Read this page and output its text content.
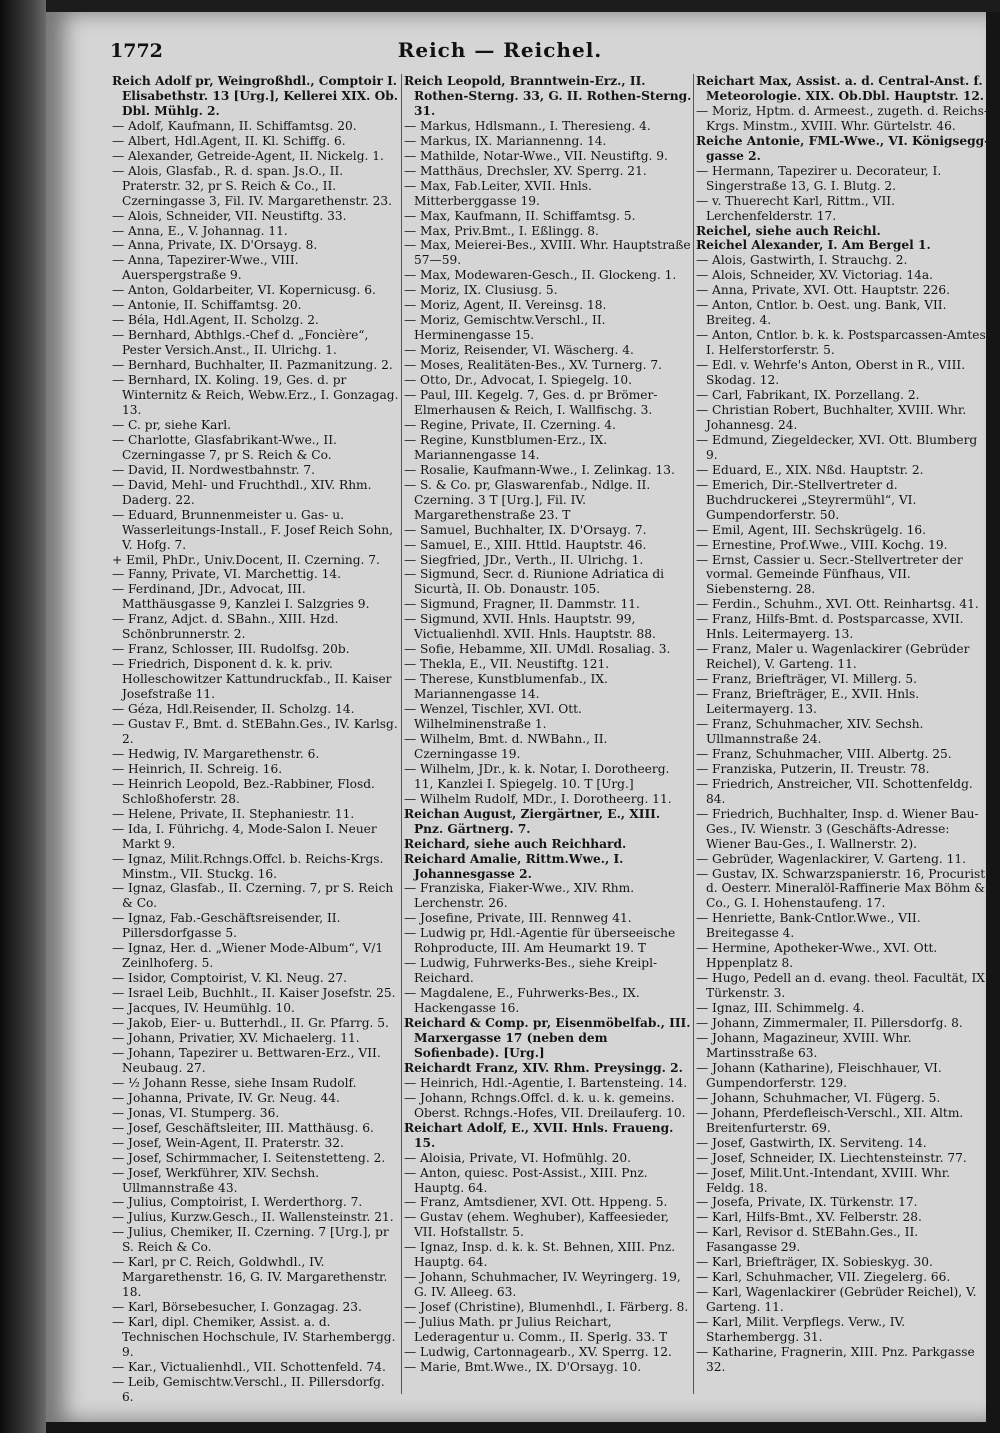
1772	Reich — Reichel.
Reich Adolf pr, Weingroßhdl., Comptoir I. Elisabethstr. 13 [Urg.], Kellerei XIX. Ob. Dbl. Mühlg. 2.
— Adolf, Kaufmann, II. Schiffamtsg. 20.
— Albert, Hdl.Agent, II. Kl. Schiffg. 6.
— Alexander, Getreide-Agent, II. Nickelg. 1.
— Alois, Glasfab., R. d. span. Js.O., II. Praterstr. 32, pr S. Reich & Co., II. Czerningasse 3, Fil. IV. Margarethenstr. 23.
— Alois, Schneider, VII. Neustiftg. 33.
— Anna, E., V. Johannag. 11.
— Anna, Private, IX. D'Orsayg. 8.
— Anna, Tapezirer-Wwe., VIII. Auerspergstraße 9.
— Anton, Goldarbeiter, VI. Kopernicusg. 6.
— Antonie, II. Schiffamtsg. 20.
— Béla, Hdl.Agent, II. Scholzg. 2.
— Bernhard, Abthlgs.-Chef d. „Foncière“, Pester Versich.Anst., II. Ulrichg. 1.
— Bernhard, Buchhalter, II. Pazmanitzung. 2.
— Bernhard, IX. Koling. 19, Ges. d. pr Winternitz & Reich, Webw.Erz., I. Gonzagag. 13.
— C. pr, siehe Karl.
— Charlotte, Glasfabrikant-Wwe., II. Czerningasse 7, pr S. Reich & Co.
— David, II. Nordwestbahnstr. 7.
— David, Mehl- und Fruchthdl., XIV. Rhm. Daderg. 22.
— Eduard, Brunnenmeister u. Gas- u. Wasserleitungs-Install., F. Josef Reich Sohn, V. Hofg. 7.
+ Emil, PhDr., Univ.Docent, II. Czerning. 7.
— Fanny, Private, VI. Marchettig. 14.
— Ferdinand, JDr., Advocat, III. Matthäusgasse 9, Kanzlei I. Salzgries 9.
— Franz, Adjct. d. SBahn., XIII. Hzd. Schönbrunnerstr. 2.
— Franz, Schlosser, III. Rudolfsg. 20b.
— Friedrich, Disponent d. k. k. priv. Holleschowitzer Kattundruckfab., II. Kaiser Josefstraße 11.
— Géza, Hdl.Reisender, II. Scholzg. 14.
— Gustav F., Bmt. d. StEBahn.Ges., IV. Karlsg. 2.
— Hedwig, IV. Margarethenstr. 6.
— Heinrich, II. Schreig. 16.
— Heinrich Leopold, Bez.-Rabbiner, Flosd. Schloßhoferstr. 28.
— Helene, Private, II. Stephaniestr. 11.
— Ida, I. Führichg. 4, Mode-Salon I. Neuer Markt 9.
— Ignaz, Milit.Rchngs.Offcl. b. Reichs-Krgs. Minstm., VII. Stuckg. 16.
— Ignaz, Glasfab., II. Czerning. 7, pr S. Reich & Co.
— Ignaz, Fab.-Geschäftsreisender, II. Pillersdorfgasse 5.
— Ignaz, Her. d. „Wiener Mode-Album“, V/1 Zeinlhoferg. 5.
— Isidor, Comptoirist, V. Kl. Neug. 27.
— Israel Leib, Buchhlt., II. Kaiser Josefstr. 25.
— Jacques, IV. Heumühlg. 10.
— Jakob, Eier- u. Butterhdl., II. Gr. Pfarrg. 5.
— Johann, Privatier, XV. Michaelerg. 11.
— Johann, Tapezirer u. Bettwaren-Erz., VII. Neubaug. 27.
— ½ Johann Resse, siehe Insam Rudolf.
— Johanna, Private, IV. Gr. Neug. 44.
— Jonas, VI. Stumperg. 36.
— Josef, Geschäftsleiter, III. Matthäusg. 6.
— Josef, Wein-Agent, II. Praterstr. 32.
— Josef, Schirmmacher, I. Seitenstetteng. 2.
— Josef, Werkführer, XIV. Sechsh. Ullmannstraße 43.
— Julius, Comptoirist, I. Werderthorg. 7.
— Julius, Kurzw.Gesch., II. Wallensteinstr. 21.
— Julius, Chemiker, II. Czerning. 7 [Urg.], pr S. Reich & Co.
— Karl, pr C. Reich, Goldwhdl., IV. Margarethenstr. 16, G. IV. Margarethenstr. 18.
— Karl, Börsebesucher, I. Gonzagag. 23.
— Karl, dipl. Chemiker, Assist. a. d. Technischen Hochschule, IV. Starhembergg. 9.
— Kar., Victualienhdl., VII. Schottenfeld. 74.
— Leib, Gemischtw.Verschl., II. Pillersdorfg. 6.
Reich Leopold, Branntwein-Erz., II. Rothen-Sterng. 33, G. II. Rothen-Sterng. 31.
— Markus, Hdlsmann., I. Theresieng. 4.
— Markus, IX. Mariannenng. 14.
— Mathilde, Notar-Wwe., VII. Neustiftg. 9.
— Matthäus, Drechsler, XV. Sperrg. 21.
— Max, Fab.Leiter, XVII. Hnls. Mitterberggasse 19.
— Max, Kaufmann, II. Schiffamtsg. 5.
— Max, Priv.Bmt., I. Eßlingg. 8.
— Max, Meierei-Bes., XVIII. Whr. Hauptstraße 57—59.
— Max, Modewaren-Gesch., II. Glockeng. 1.
— Moriz, IX. Clusiusg. 5.
— Moriz, Agent, II. Vereinsg. 18.
— Moriz, Gemischtw.Verschl., II. Herminengasse 15.
— Moriz, Reisender, VI. Wäscherg. 4.
— Moses, Realitäten-Bes., XV. Turnerg. 7.
— Otto, Dr., Advocat, I. Spiegelg. 10.
— Paul, III. Kegelg. 7, Ges. d. pr BrömerElmerhausen & Reich, I. Wallfischg. 3.
— Regine, Private, II. Czerning. 4.
— Regine, Kunstblumen-Erz., IX. Mariannengasse 14.
— Rosalie, Kaufmann-Wwe., I. Zelinkag. 13.
— S. & Co. pr, Glaswarenfab., Ndlge. II. Czerning. 3 T [Urg.], Fil. IV. Margarethenstraße 23. T
— Samuel, Buchhalter, IX. D'Orsayg. 7.
— Samuel, E., XIII. Httld. Hauptstr. 46.
— Siegfried, JDr., Verth., II. Ulrichg. 1.
— Sigmund, Secr. d. Riunione Adriatica di Sicurtà, II. Ob. Donaustr. 105.
— Sigmund, Fragner, II. Dammstr. 11.
— Sigmund, XVII. Hnls. Hauptstr. 99, Victualienhdl. XVII. Hnls. Hauptstr. 88.
— Sofie, Hebamme, XII. UMdl. Rosaliag. 3.
— Thekla, E., VII. Neustiftg. 121.
— Therese, Kunstblumenfab., IX. Mariannengasse 14.
— Wenzel, Tischler, XVI. Ott. Wilhelminenstraße 1.
— Wilhelm, Bmt. d. NWBahn., II. Czerningasse 19.
— Wilhelm, JDr., k. k. Notar, I. Dorotheerg. 11, Kanzlei I. Spiegelg. 10. T [Urg.]
— Wilhelm Rudolf, MDr., I. Dorotheerg. 11.
Reichan August, Ziergärtner, E., XIII. Pnz. Gärtnerg. 7.
Reichard, siehe auch Reichhard.
Reichard Amalie, Rittm.Wwe., I. Johannesgasse 2.
— Franziska, Fiaker-Wwe., XIV. Rhm. Lerchenstr. 26.
— Josefine, Private, III. Rennweg 41.
— Ludwig pr, Hdl.-Agentie für überseeische Rohproducte, III. Am Heumarkt 19. T
— Ludwig, Fuhrwerks-Bes., siehe Kreipl-Reichard.
— Magdalene, E., Fuhrwerks-Bes., IX. Hackengasse 16.
Reichard & Comp. pr, Eisenmöbelfab., III. Marxergasse 17 (neben dem Sofienbade). [Urg.]
Reichardt Franz, XIV. Rhm. Preysingg. 2.
— Heinrich, Hdl.-Agentie, I. Bartensteing. 14.
— Johann, Rchngs.Offcl. d. k. u. k. gemeins. Oberst. Rchngs.-Hofes, VII. Dreilauferg. 10.
Reichart Adolf, E., XVII. Hnls. Fraueng. 15.
— Aloisia, Private, VI. Hofmühlg. 20.
— Anton, quiesc. Post-Assist., XIII. Pnz. Hauptg. 64.
— Franz, Amtsdiener, XVI. Ott. Hppeng. 5.
— Gustav (ehem. Weghuber), Kaffeesieder, VII. Hofstallstr. 5.
— Ignaz, Insp. d. k. k. St. Behnen, XIII. Pnz. Hauptg. 64.
— Johann, Schuhmacher, IV. Weyringerg. 19, G. IV. Alleeg. 63.
— Josef (Christine), Blumenhdl., I. Färberg. 8.
— Julius Math. pr Julius Reichart, Lederagentur u. Comm., II. Sperlg. 33. T
— Ludwig, Cartonnagearb., XV. Sperrg. 12.
— Marie, Bmt.Wwe., IX. D'Orsayg. 10.
Reichart Max, Assist. a. d. Central-Anst. f. Meteorologie. XIX. Ob.Dbl. Hauptstr. 12.
— Moriz, Hptm. d. Armeest., zugeth. d. Reichs-Krgs. Minstm., XVIII. Whr. Gürtelstr. 46.
Reiche Antonie, FML-Wwe., VI. Königsegggasse 2.
— Hermann, Tapezirer u. Decorateur, I. Singerstraße 13, G. I. Blutg. 2.
— v. Thuerecht Karl, Rittm., VII. Lerchenfelderstr. 17.
Reichel, siehe auch Reichl.
Reichel Alexander, I. Am Bergel 1.
— Alois, Gastwirth, I. Strauchg. 2.
— Alois, Schneider, XV. Victoriag. 14a.
— Anna, Private, XVI. Ott. Hauptstr. 226.
— Anton, Cntlor. b. Oest. ung. Bank, VII. Breiteg. 4.
— Anton, Cntlor. b. k. k. Postsparcassen-Amtes, I. Helferstorferstr. 5.
— Edl. v. Wehrfe's Anton, Oberst in R., VIII. Skodag. 12.
— Carl, Fabrikant, IX. Porzellang. 2.
— Christian Robert, Buchhalter, XVIII. Whr. Johannesg. 24.
— Edmund, Ziegeldecker, XVI. Ott. Blumberg 9.
— Eduard, E., XIX. Nßd. Hauptstr. 2.
— Emerich, Dir.-Stellvertreter d. Buchdruckerei „Steyrermühl“, VI. Gumpendorferstr. 50.
— Emil, Agent, III. Sechskrügelg. 16.
— Ernestine, Prof.Wwe., VIII. Kochg. 19.
— Ernst, Cassier u. Secr.-Stellvertreter der vormal. Gemeinde Fünfhaus, VII. Siebensterng. 28.
— Ferdin., Schuhm., XVI. Ott. Reinhartsg. 41.
— Franz, Hilfs-Bmt. d. Postsparcasse, XVII. Hnls. Leitermayerg. 13.
— Franz, Maler u. Wagenlackirer (Gebrüder Reichel), V. Garteng. 11.
— Franz, Briefträger, VI. Millerg. 5.
— Franz, Briefträger, E., XVII. Hnls. Leitermayerg. 13.
— Franz, Schuhmacher, XIV. Sechsh. Ullmannstraße 24.
— Franz, Schuhmacher, VIII. Albertg. 25.
— Franziska, Putzerin, II. Treustr. 78.
— Friedrich, Anstreicher, VII. Schottenfeldg. 84.
— Friedrich, Buchhalter, Insp. d. Wiener Bau-Ges., IV. Wienstr. 3 (Geschäfts-Adresse: Wiener Bau-Ges., I. Wallnerstr. 2).
— Gebrüder, Wagenlackirer, V. Garteng. 11.
— Gustav, IX. Schwarzspanierstr. 16, Procurist d. Oesterr. Mineralöl-Raffinerie Max Böhm & Co., G. I. Hohenstaufeng. 17.
— Henriette, Bank-Cntlor.Wwe., VII. Breitegasse 4.
— Hermine, Apotheker-Wwe., XVI. Ott. Hppenplatz 8.
— Hugo, Pedell an d. evang. theol. Facultät, IX. Türkenstr. 3.
— Ignaz, III. Schimmelg. 4.
— Johann, Zimmermaler, II. Pillersdorfg. 8.
— Johann, Magazineur, XVIII. Whr. Martinsstraße 63.
— Johann (Katharine), Fleischhauer, VI. Gumpendorferstr. 129.
— Johann, Schuhmacher, VI. Fügerg. 5.
— Johann, Pferdefleisch-Verschl., XII. Altm. Breitenfurterstr. 69.
— Josef, Gastwirth, IX. Serviteng. 14.
— Josef, Schneider, IX. Liechtensteinstr. 77.
— Josef, Milit.Unt.-Intendant, XVIII. Whr. Feldg. 18.
— Josefa, Private, IX. Türkenstr. 17.
— Karl, Hilfs-Bmt., XV. Felberstr. 28.
— Karl, Revisor d. StEBahn.Ges., II. Fasangasse 29.
— Karl, Briefträger, IX. Sobieskyg. 30.
— Karl, Schuhmacher, VII. Ziegelerg. 66.
— Karl, Wagenlackirer (Gebrüder Reichel), V. Garteng. 11.
— Karl, Milit. Verpflegs. Verw., IV. Starhembergg. 31.
— Katharine, Fragnerin, XIII. Pnz. Parkgasse 32.
